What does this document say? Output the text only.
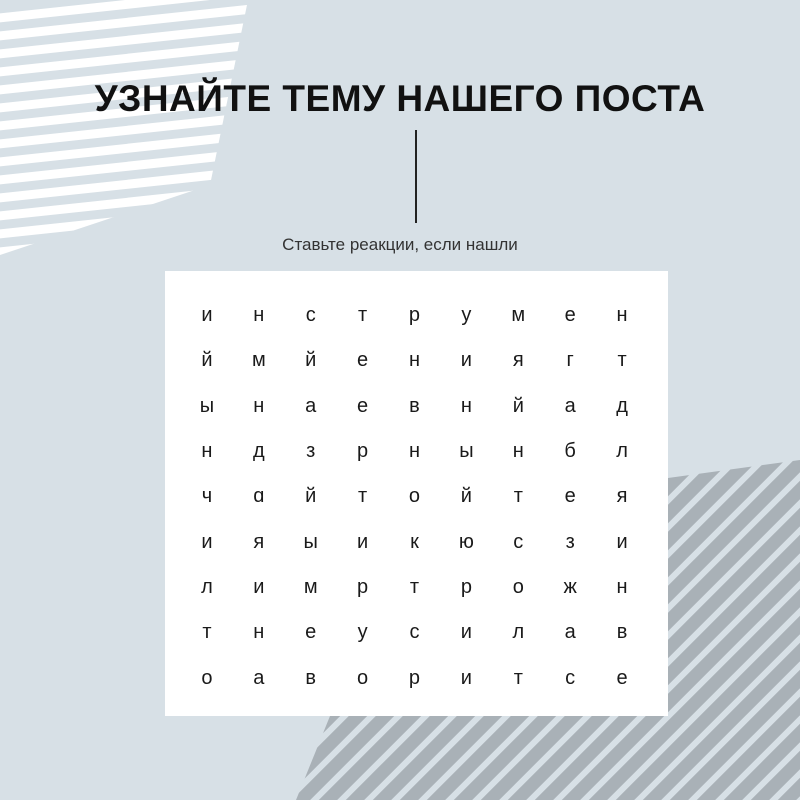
УЗНАЙТЕ ТЕМУ НАШЕГО ПОСТА
Ставьте реакции, если нашли
и	н	с	т	р	у	м	е	н
й	м	й	е	н	и	я	г	т
ы	н	а	е	в	н	й	а	д
н	д	з	р	н	ы	н	б	л
ч	ɑ	й	т	о	й	т	е	я
и	я	ы	и	к	ю	с	з	и
л	и	м	р	т	р	о	ж	н
т	н	е	у	с	и	л	а	в
о	а	в	о	р	и	т	с	е
